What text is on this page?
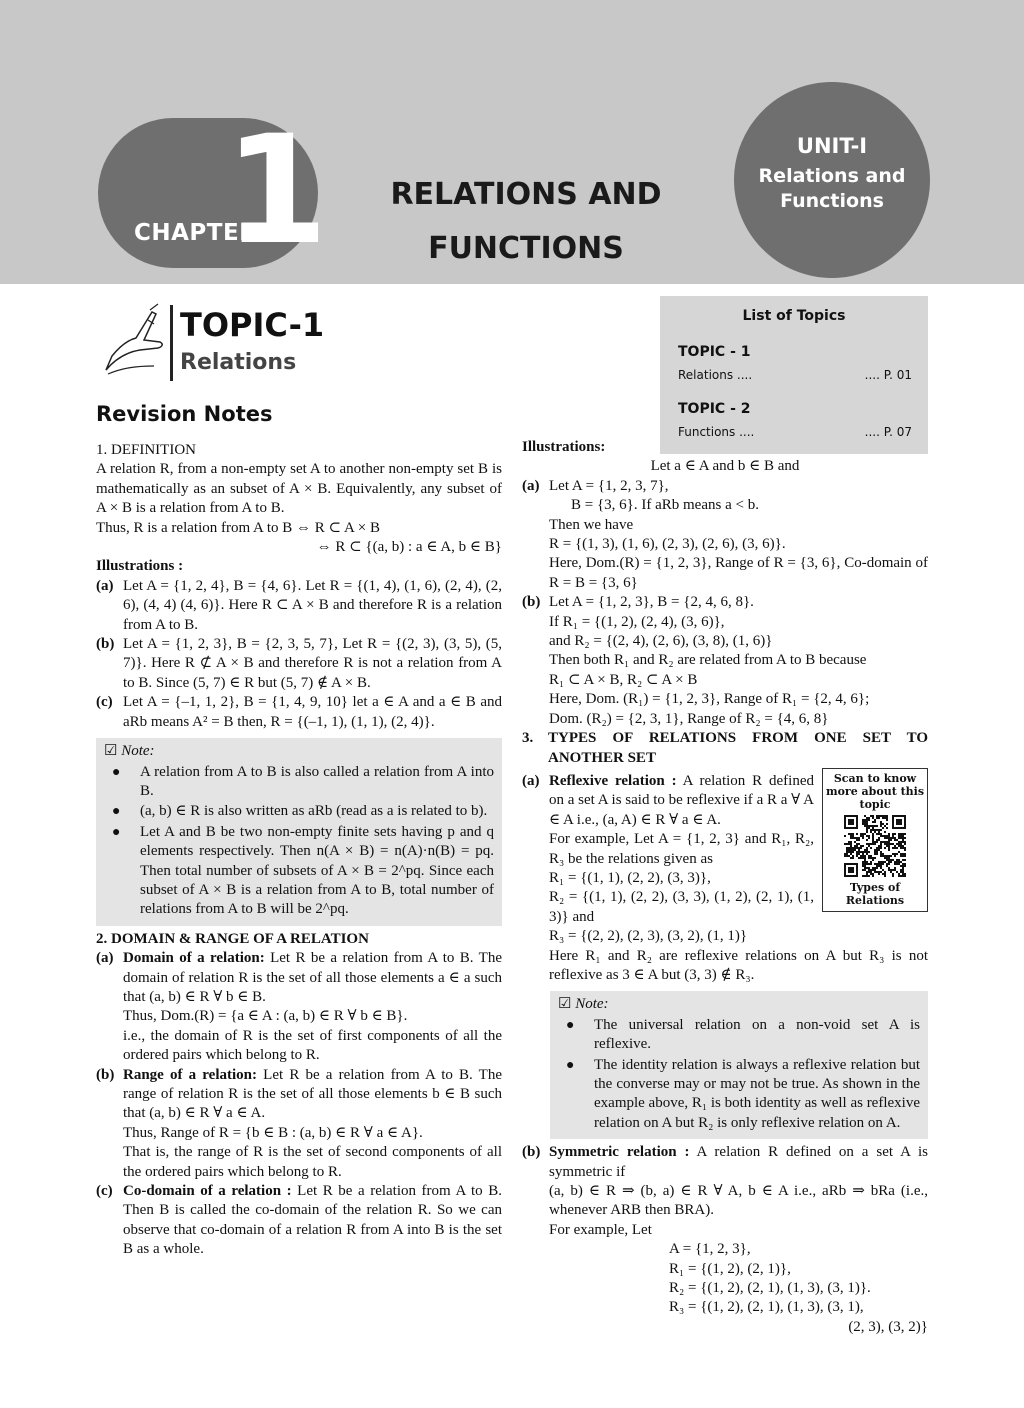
CHAPTER
1	RELATIONS AND
FUNCTIONS
UNIT-I
Relations and
Functions
TOPIC-1
Relations
List of Topics
TOPIC - 1
Relations ....	.... P. 01
TOPIC - 2
Functions ....	.... P. 07
Revision Notes

1. DEFINITION

A relation R, from a non-empty set A to another non-empty set B is mathematically as an subset of A × B. Equivalently, any subset of A × B is a relation from A to B.

Thus, R is a relation from A to B ⇔ R ⊂ A × B

⇔ R ⊂ {(a, b) : a ∈ A, b ∈ B}

Illustrations :

(a) Let A = {1, 2, 4}, B = {4, 6}. Let R = {(1, 4), (1, 6), (2, 4), (2, 6), (4, 4) (4, 6)}. Here R ⊂ A × B and therefore R is a relation from A to B.
(b) Let A = {1, 2, 3}, B = {2, 3, 5, 7}, Let R = {(2, 3), (3, 5), (5, 7)}. Here R ⊄ A × B and therefore R is not a relation from A to B. Since (5, 7) ∈ R but (5, 7) ∉ A × B.
(c) Let A = {–1, 1, 2}, B = {1, 4, 9, 10} let a ∈ A and a ∈ B and aRb means A² = B then, R = {(–1, 1), (1, 1), (2, 4)}.
☑ Note:
●	A relation from A to B is also called a relation from A into B.
●	(a, b) ∈ R is also written as aRb (read as a is related to b).
●	Let A and B be two non-empty finite sets having p and q elements respectively. Then n(A × B) = n(A)·n(B) = pq. Then total number of subsets of A × B = 2^pq. Since each subset of A × B is a relation from A to B, total number of relations from A to B will be 2^pq.

2. DOMAIN & RANGE OF A RELATION

(a) Domain of a relation: Let R be a relation from A to B. The domain of relation R is the set of all those elements a ∈ a such that (a, b) ∈ R ∀ b ∈ B.

Thus, Dom.(R) = {a ∈ A : (a, b) ∈ R ∀ b ∈ B}.

i.e., the domain of R is the set of first components of all the ordered pairs which belong to R.

(b) Range of a relation: Let R be a relation from A to B. The range of relation R is the set of all those elements b ∈ B such that (a, b) ∈ R ∀ a ∈ A.

Thus, Range of R = {b ∈ B : (a, b) ∈ R ∀ a ∈ A}.

That is, the range of R is the set of second components of all the ordered pairs which belong to R.

(c) Co-domain of a relation : Let R be a relation from A to B. Then B is called the co-domain of the relation R. So we can observe that co-domain of a relation R from A into B is the set B as a whole.

Illustrations:

Let a ∈ A and b ∈ B and

(a) Let A = {1, 2, 3, 7},

B = {3, 6}. If aRb means a < b.

Then we have

R = {(1, 3), (1, 6), (2, 3), (2, 6), (3, 6)}.

Here, Dom.(R) = {1, 2, 3}, Range of R = {3, 6}, Co-domain of R = B = {3, 6}

(b) Let A = {1, 2, 3}, B = {2, 4, 6, 8}.

If R₁ = {(1, 2), (2, 4), (3, 6)},

and R₂ = {(2, 4), (2, 6), (3, 8), (1, 6)}

Then both R₁ and R₂ are related from A to B because

R₁ ⊂ A × B, R₂ ⊂ A × B

Here, Dom. (R₁) = {1, 2, 3}, Range of R₁ = {2, 4, 6};

Dom. (R₂) = {2, 3, 1}, Range of R₂ = {4, 6, 8}

3. TYPES OF RELATIONS FROM ONE SET TO ANOTHER SET
(a)	Scan to know more about this topic
Types of Relations
Reflexive relation : A relation R defined on a set A is said to be reflexive if a R a ∀ A ∈ A i.e., (a, A) ∈ R ∀ a ∈ A.

For example, Let A = {1, 2, 3} and R₁, R₂, R₃ be the relations given as

R₁ = {(1, 1), (2, 2), (3, 3)},

R₂ = {(1, 1), (2, 2), (3, 3), (1, 2), (2, 1), (1, 3)} and

R₃ = {(2, 2), (2, 3), (3, 2), (1, 1)}

Here R₁ and R₂ are reflexive relations on A but R₃ is not reflexive as 3 ∈ A but (3, 3) ∉ R₃.

☑ Note:
●	The universal relation on a non-void set A is reflexive.
●	The identity relation is always a reflexive relation but the converse may or may not be true. As shown in the example above, R₁ is both identity as well as reflexive relation on A but R₂ is only reflexive relation on A.
(b) Symmetric relation : A relation R defined on a set A is symmetric if

(a, b) ∈ R ⇒ (b, a) ∈ R ∀ A, b ∈ A i.e., aRb ⇒ bRa (i.e., whenever ARB then BRA).

For example, Let

A = {1, 2, 3},

R₁ = {(1, 2), (2, 1)},

R₂ = {(1, 2), (2, 1), (1, 3), (3, 1)}.

R₃ = {(1, 2), (2, 1), (1, 3), (3, 1),

(2, 3), (3, 2)}
